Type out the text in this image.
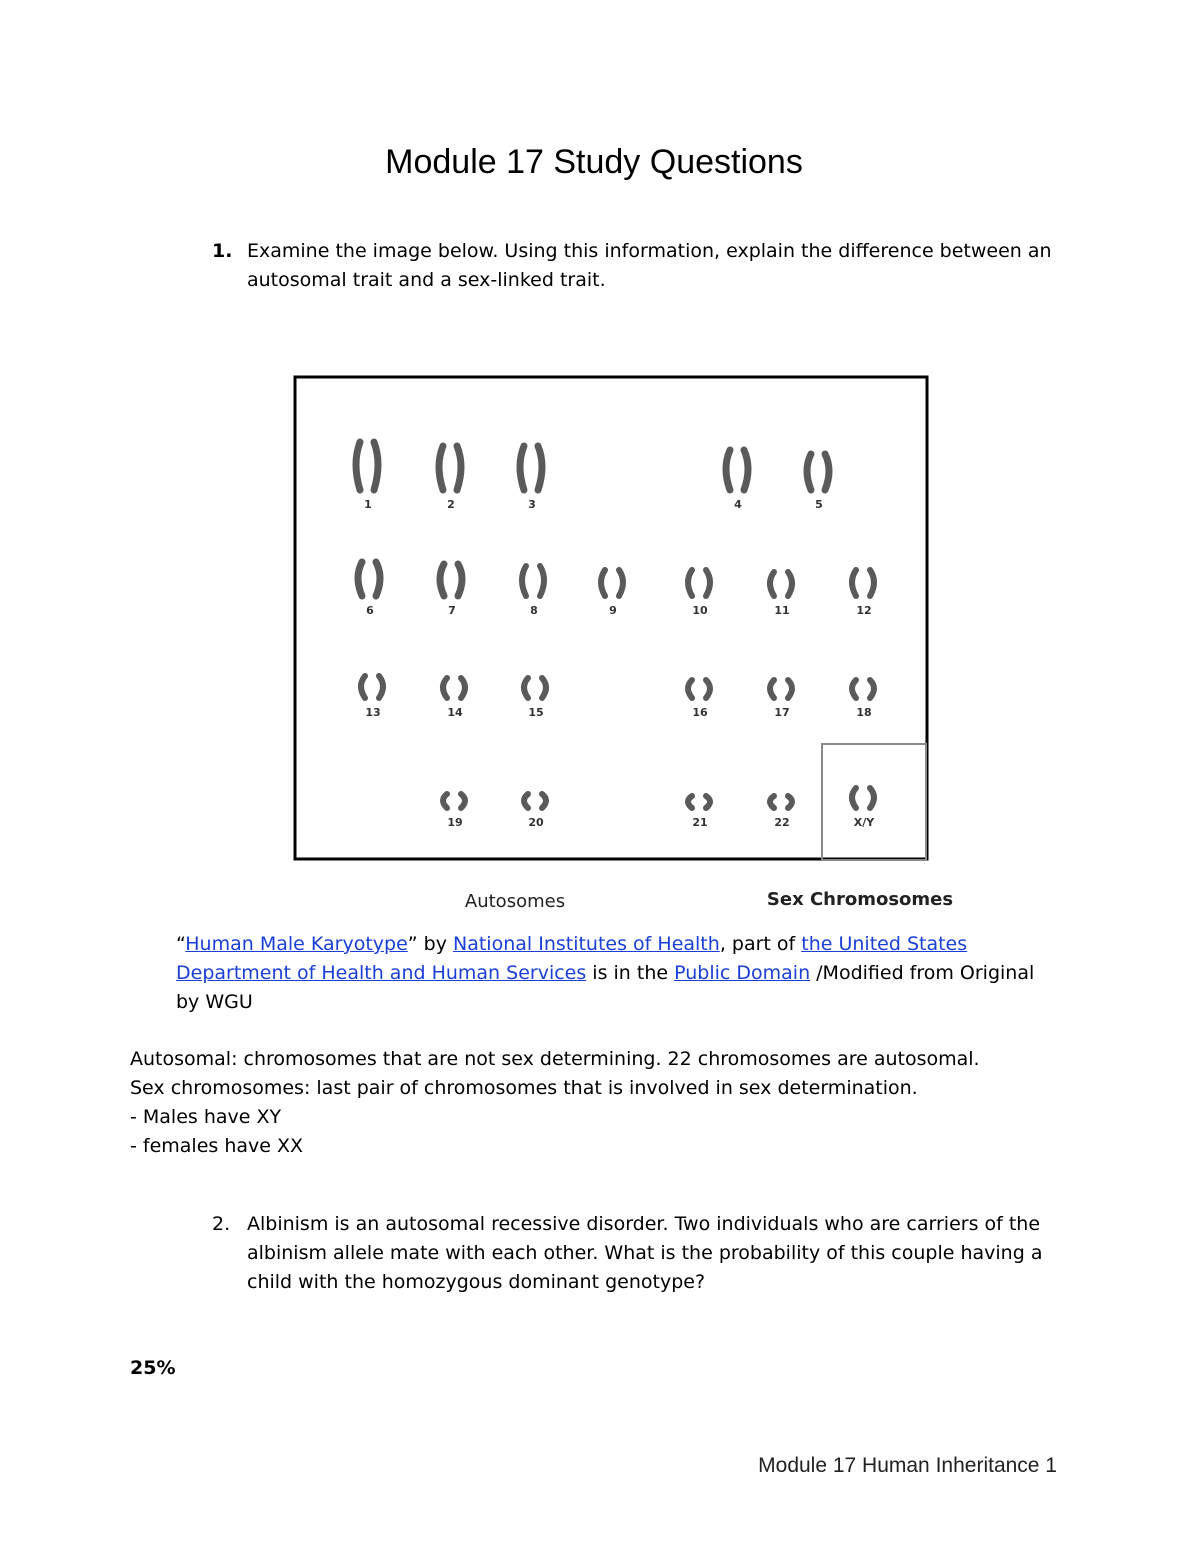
Module 17 Study Questions
1. Examine the image below. Using this information, explain the difference between an autosomal trait and a sex-linked trait.
1	2	3	4	5
6	7	8	9	10	11	12
13	14	15	16	17	18
19	20	21	22	X/Y
Autosomes	Sex Chromosomes
“Human Male Karyotype” by National Institutes of Health, part of the United States Department of Health and Human Services is in the Public Domain /Modified from Original by WGU
Autosomal: chromosomes that are not sex determining. 22 chromosomes are autosomal.
Sex chromosomes: last pair of chromosomes that is involved in sex determination.
- Males have XY
- females have XX
2. Albinism is an autosomal recessive disorder. Two individuals who are carriers of the albinism allele mate with each other. What is the probability of this couple having a child with the homozygous dominant genotype?
25%
Module 17 Human Inheritance 1
